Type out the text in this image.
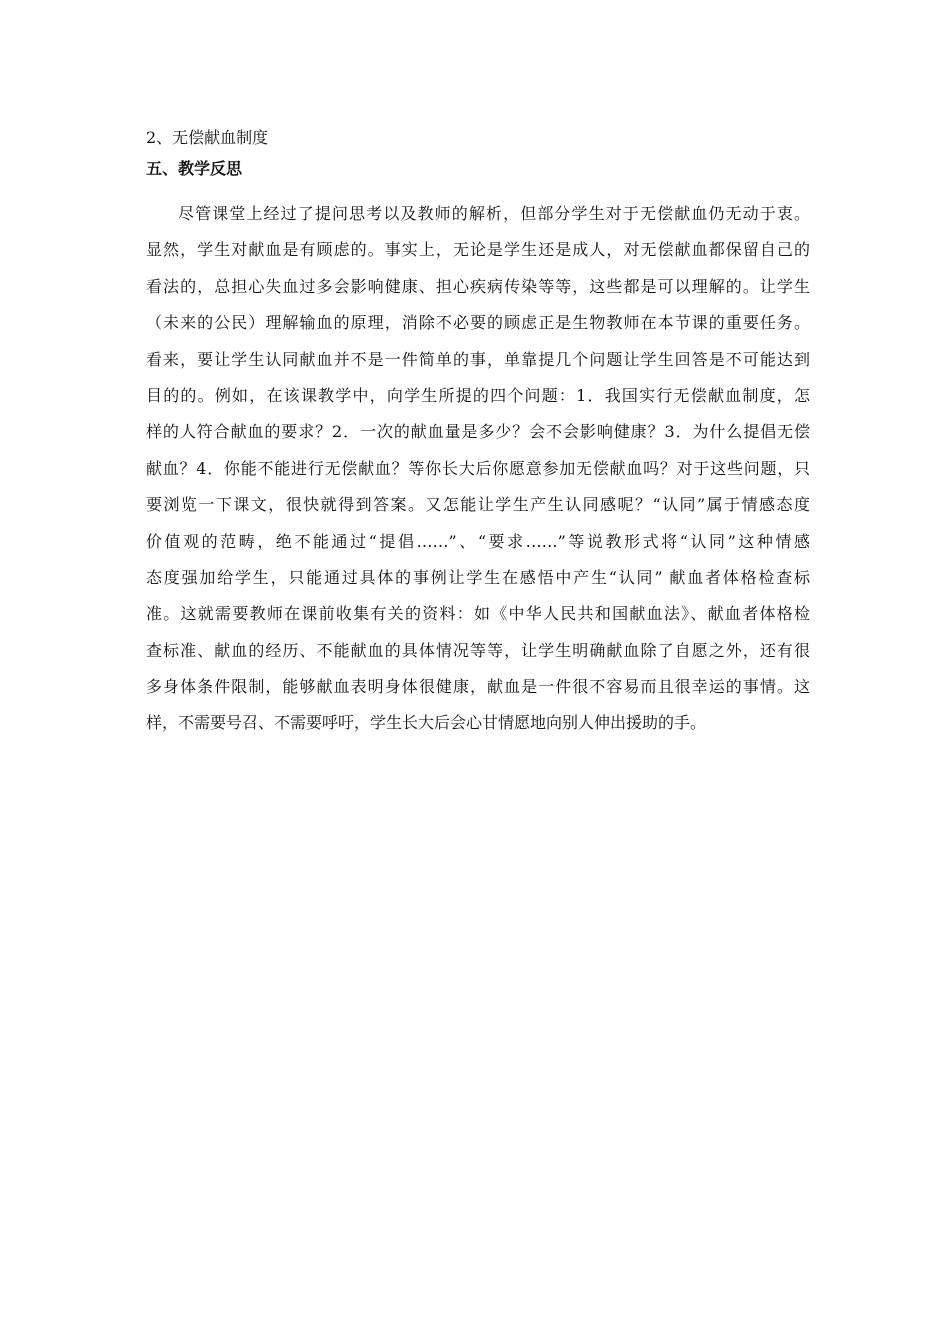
2、无偿献血制度
五、教学反思
尽管课堂上经过了提问思考以及教师的解析，但部分学生对于无偿献血仍无动于衷。
显然，学生对献血是有顾虑的。事实上，无论是学生还是成人，对无偿献血都保留自己的
看法的，总担心失血过多会影响健康、担心疾病传染等等，这些都是可以理解的。让学生
（未来的公民）理解输血的原理，消除不必要的顾虑正是生物教师在本节课的重要任务。
看来，要让学生认同献血并不是一件简单的事，单靠提几个问题让学生回答是不可能达到
目的的。例如，在该课教学中，向学生所提的四个问题：1．我国实行无偿献血制度，怎
样的人符合献血的要求？2．一次的献血量是多少？会不会影响健康？3．为什么提倡无偿
献血？4．你能不能进行无偿献血？等你长大后你愿意参加无偿献血吗？对于这些问题，只
要浏览一下课文，很快就得到答案。又怎能让学生产生认同感呢？“认同”属于情感态度
价值观的范畴，绝不能通过“提倡……”、“要求……”等说教形式将“认同”这种情感
态度强加给学生，只能通过具体的事例让学生在感悟中产生“认同” 献血者体格检查标
准。这就需要教师在课前收集有关的资料：如《中华人民共和国献血法》、献血者体格检
查标准、献血的经历、不能献血的具体情况等等，让学生明确献血除了自愿之外，还有很
多身体条件限制，能够献血表明身体很健康，献血是一件很不容易而且很幸运的事情。这
样，不需要号召、不需要呼吁，学生长大后会心甘情愿地向别人伸出援助的手。
